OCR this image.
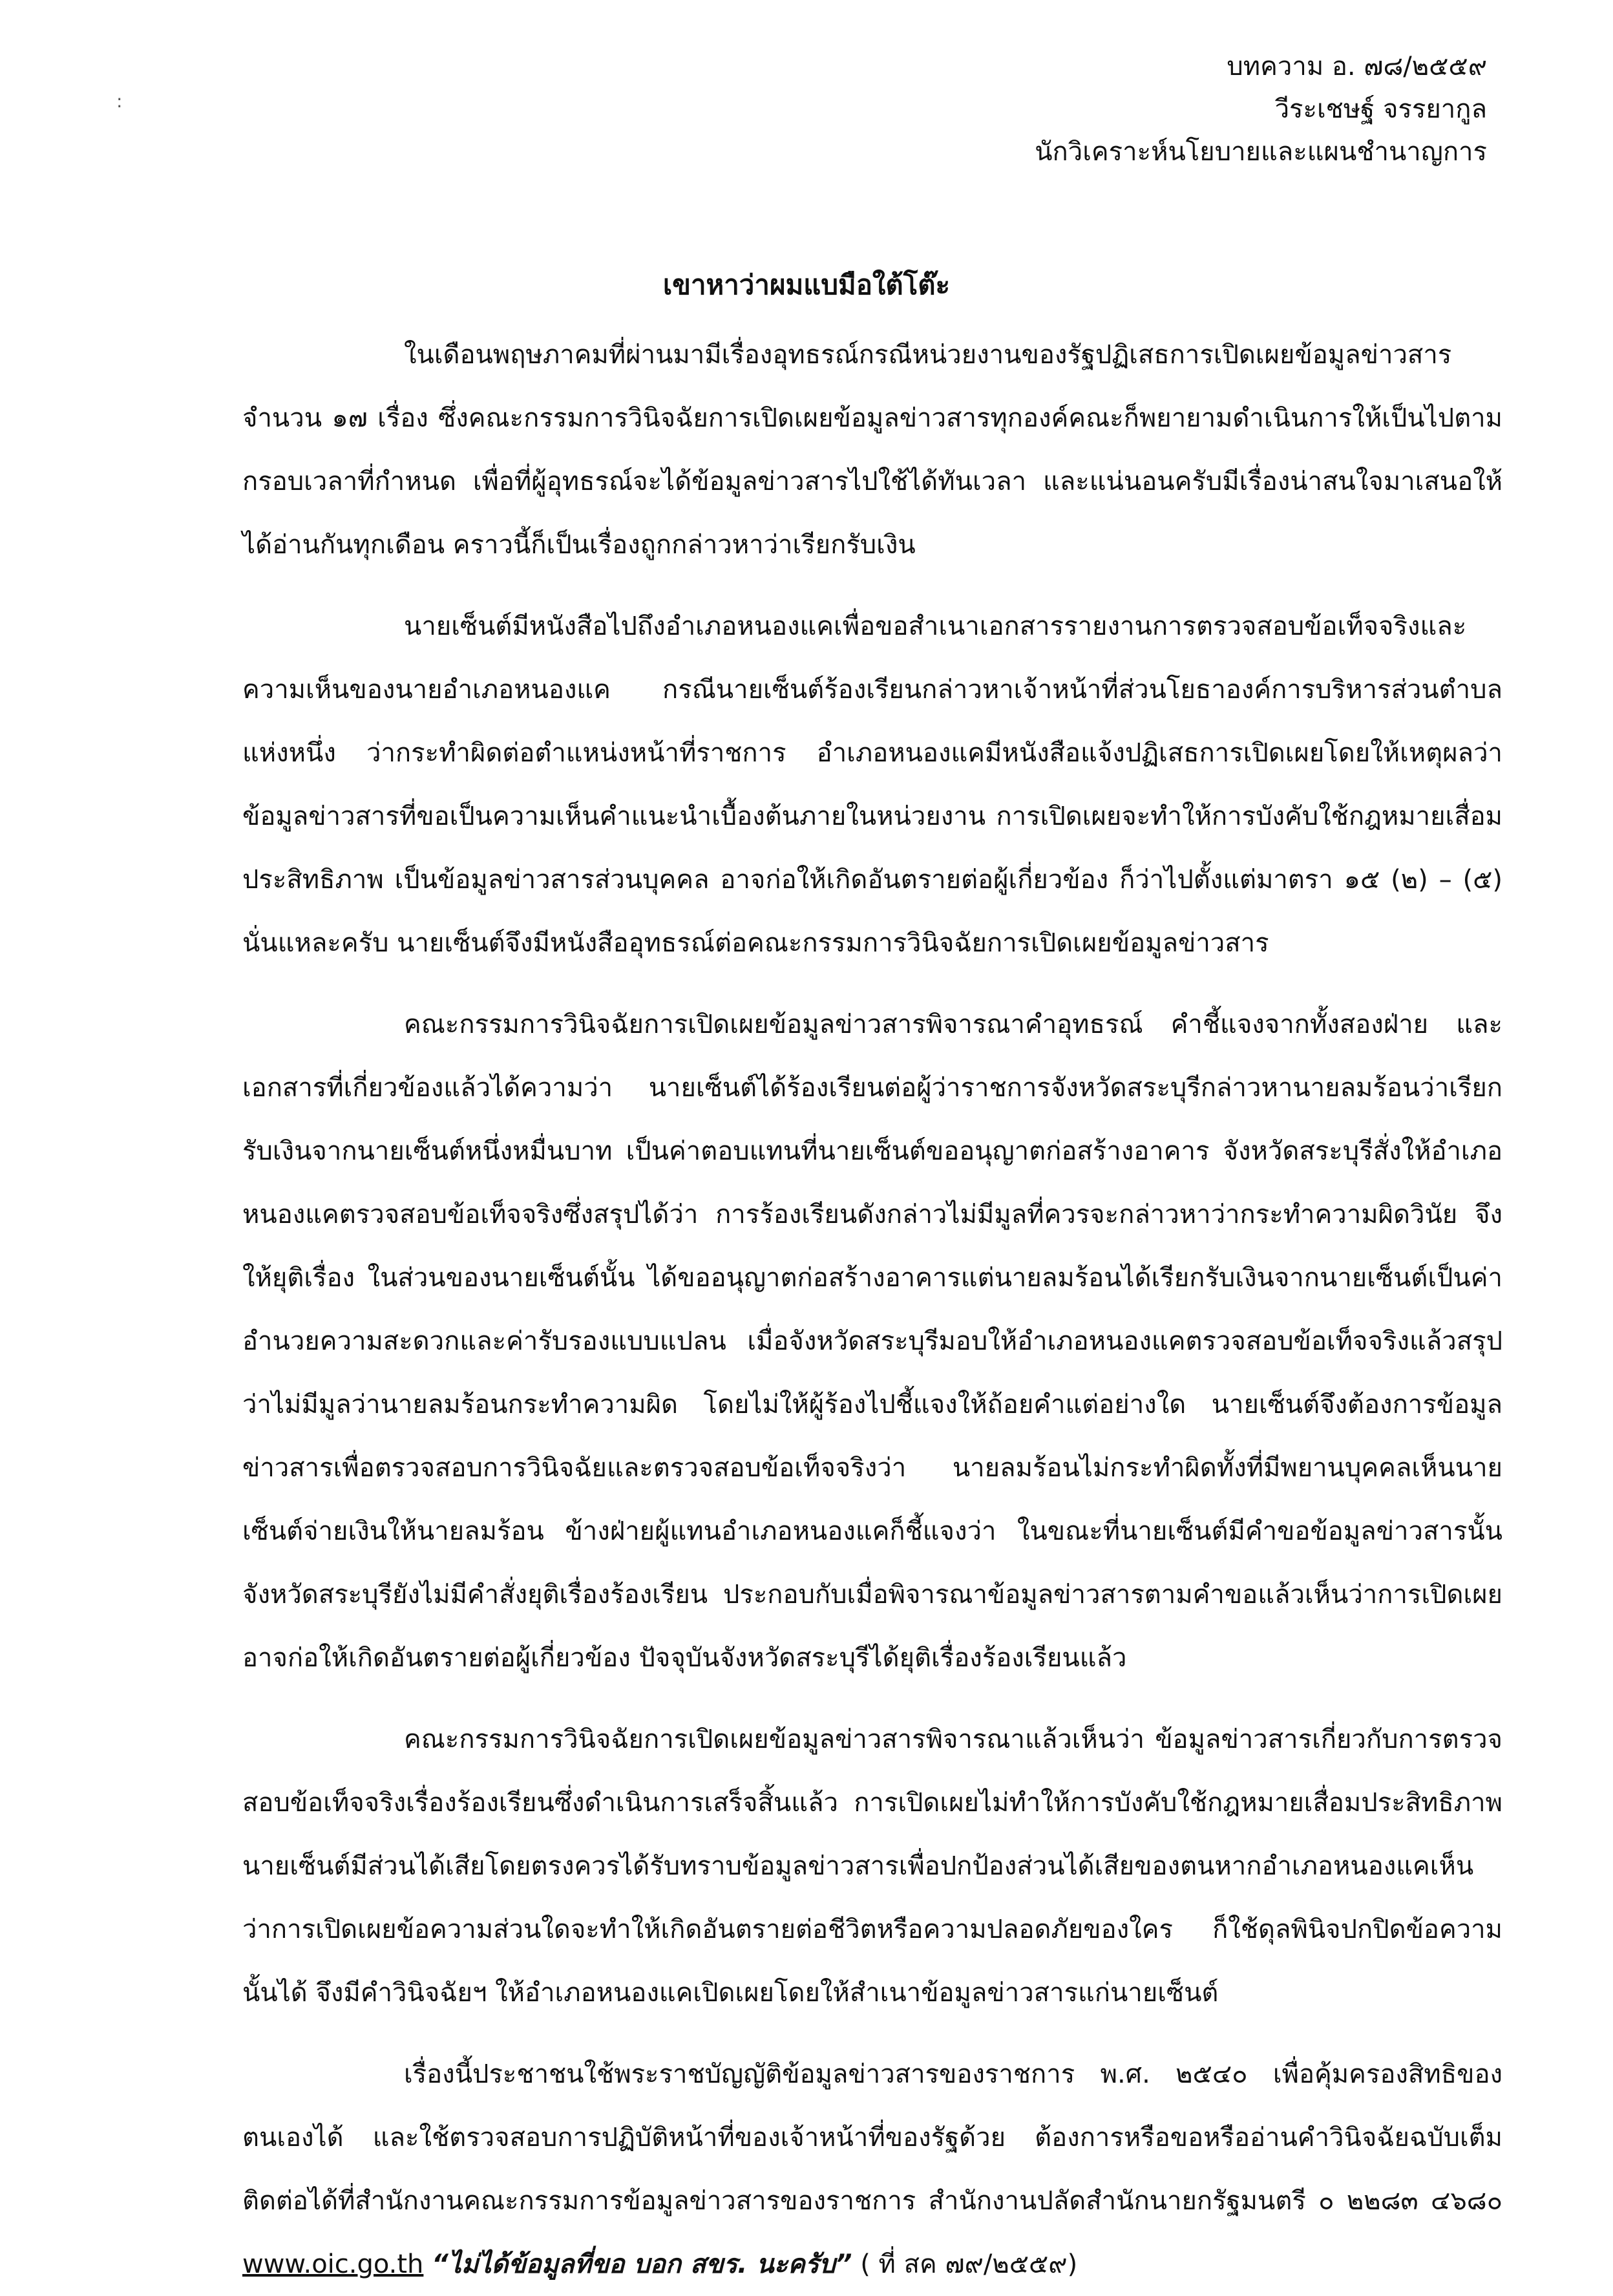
:

บทความ อ. ๗๘/๒๕๕๙

วีระเชษฐ์ จรรยากูล

นักวิเคราะห์นโยบายและแผนชำนาญการ

เขาหาว่าผมแบมือใต้โต๊ะ

ในเดือนพฤษภาคมที่ผ่านมามีเรื่องอุทธรณ์กรณีหน่วยงานของรัฐปฏิเสธการเปิดเผยข้อมูลข่าวสารจำนวน ๑๗ เรื่อง ซึ่งคณะกรรมการวินิจฉัยการเปิดเผยข้อมูลข่าวสารทุกองค์คณะก็พยายามดำเนินการให้เป็นไปตามกรอบเวลาที่กำหนด เพื่อที่ผู้อุทธรณ์จะได้ข้อมูลข่าวสารไปใช้ได้ทันเวลา และแน่นอนครับมีเรื่องน่าสนใจมาเสนอให้ได้อ่านกันทุกเดือน คราวนี้ก็เป็นเรื่องถูกกล่าวหาว่าเรียกรับเงิน

นายเซ็นต์มีหนังสือไปถึงอำเภอหนองแคเพื่อขอสำเนาเอกสารรายงานการตรวจสอบข้อเท็จจริงและความเห็นของนายอำเภอหนองแค กรณีนายเซ็นต์ร้องเรียนกล่าวหาเจ้าหน้าที่ส่วนโยธาองค์การบริหารส่วนตำบลแห่งหนึ่ง ว่ากระทำผิดต่อตำแหน่งหน้าที่ราชการ อำเภอหนองแคมีหนังสือแจ้งปฏิเสธการเปิดเผยโดยให้เหตุผลว่า ข้อมูลข่าวสารที่ขอเป็นความเห็นคำแนะนำเบื้องต้นภายในหน่วยงาน การเปิดเผยจะทำให้การบังคับใช้กฎหมายเสื่อมประสิทธิภาพ เป็นข้อมูลข่าวสารส่วนบุคคล อาจก่อให้เกิดอันตรายต่อผู้เกี่ยวข้อง ก็ว่าไปตั้งแต่มาตรา ๑๕ (๒) – (๕) นั่นแหละครับ นายเซ็นต์จึงมีหนังสืออุทธรณ์ต่อคณะกรรมการวินิจฉัยการเปิดเผยข้อมูลข่าวสาร

คณะกรรมการวินิจฉัยการเปิดเผยข้อมูลข่าวสารพิจารณาคำอุทธรณ์ คำชี้แจงจากทั้งสองฝ่าย และเอกสารที่เกี่ยวข้องแล้วได้ความว่า นายเซ็นต์ได้ร้องเรียนต่อผู้ว่าราชการจังหวัดสระบุรีกล่าวหานายลมร้อนว่าเรียกรับเงินจากนายเซ็นต์หนึ่งหมื่นบาท เป็นค่าตอบแทนที่นายเซ็นต์ขออนุญาตก่อสร้างอาคาร จังหวัดสระบุรีสั่งให้อำเภอหนองแคตรวจสอบข้อเท็จจริงซึ่งสรุปได้ว่า การร้องเรียนดังกล่าวไม่มีมูลที่ควรจะกล่าวหาว่ากระทำความผิดวินัย จึงให้ยุติเรื่อง ในส่วนของนายเซ็นต์นั้น ได้ขออนุญาตก่อสร้างอาคารแต่นายลมร้อนได้เรียกรับเงินจากนายเซ็นต์เป็นค่าอำนวยความสะดวกและค่ารับรองแบบแปลน เมื่อจังหวัดสระบุรีมอบให้อำเภอหนองแคตรวจสอบข้อเท็จจริงแล้วสรุปว่าไม่มีมูลว่านายลมร้อนกระทำความผิด โดยไม่ให้ผู้ร้องไปชี้แจงให้ถ้อยคำแต่อย่างใด นายเซ็นต์จึงต้องการข้อมูลข่าวสารเพื่อตรวจสอบการวินิจฉัยและตรวจสอบข้อเท็จจริงว่า นายลมร้อนไม่กระทำผิดทั้งที่มีพยานบุคคลเห็นนายเซ็นต์จ่ายเงินให้นายลมร้อน ข้างฝ่ายผู้แทนอำเภอหนองแคก็ชี้แจงว่า ในขณะที่นายเซ็นต์มีคำขอข้อมูลข่าวสารนั้น จังหวัดสระบุรียังไม่มีคำสั่งยุติเรื่องร้องเรียน ประกอบกับเมื่อพิจารณาข้อมูลข่าวสารตามคำขอแล้วเห็นว่าการเปิดเผยอาจก่อให้เกิดอันตรายต่อผู้เกี่ยวข้อง ปัจจุบันจังหวัดสระบุรีได้ยุติเรื่องร้องเรียนแล้ว

คณะกรรมการวินิจฉัยการเปิดเผยข้อมูลข่าวสารพิจารณาแล้วเห็นว่า ข้อมูลข่าวสารเกี่ยวกับการตรวจสอบข้อเท็จจริงเรื่องร้องเรียนซึ่งดำเนินการเสร็จสิ้นแล้ว การเปิดเผยไม่ทำให้การบังคับใช้กฎหมายเสื่อมประสิทธิภาพ นายเซ็นต์มีส่วนได้เสียโดยตรงควรได้รับทราบข้อมูลข่าวสารเพื่อปกป้องส่วนได้เสียของตนหากอำเภอหนองแคเห็นว่าการเปิดเผยข้อความส่วนใดจะทำให้เกิดอันตรายต่อชีวิตหรือความปลอดภัยของใคร ก็ใช้ดุลพินิจปกปิดข้อความนั้นได้ จึงมีคำวินิจฉัยฯ ให้อำเภอหนองแคเปิดเผยโดยให้สำเนาข้อมูลข่าวสารแก่นายเซ็นต์

เรื่องนี้ประชาชนใช้พระราชบัญญัติข้อมูลข่าวสารของราชการ พ.ศ. ๒๕๔๐ เพื่อคุ้มครองสิทธิของตนเองได้ และใช้ตรวจสอบการปฏิบัติหน้าที่ของเจ้าหน้าที่ของรัฐด้วย ต้องการหรือขอหรืออ่านคำวินิจฉัยฉบับเต็มติดต่อได้ที่สำนักงานคณะกรรมการข้อมูลข่าวสารของราชการ สำนักงานปลัดสำนักนายกรัฐมนตรี ๐ ๒๒๘๓ ๔๖๘๐ www.oic.go.th “ไม่ได้ข้อมูลที่ขอ บอก สขร. นะครับ” ( ที่ สค ๗๙/๒๕๕๙)
